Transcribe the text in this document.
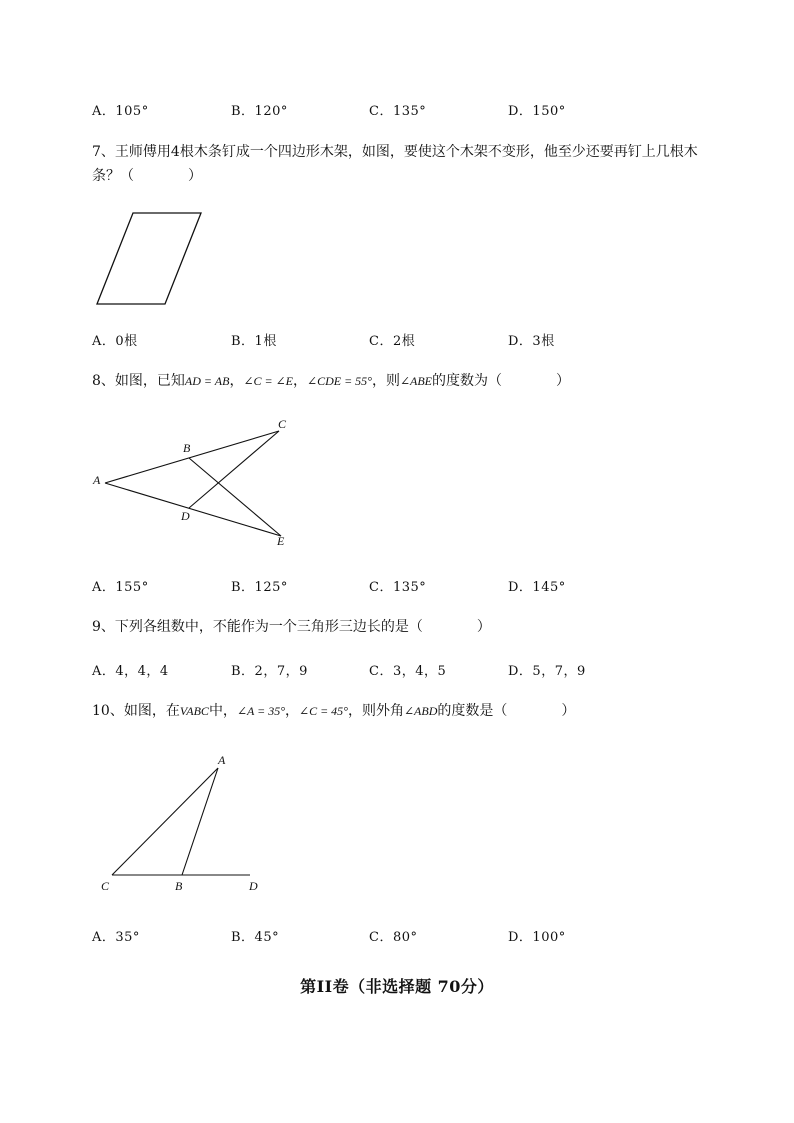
A．105°	B．120°	C．135°	D．150°
7、王师傅用4根木条钉成一个四边形木架，如图，要使这个木架不变形，他至少还要再钉上几根木
条？（	）
A．0根	B．1根	C．2根	D．3根
8、如图，已知AD = AB，∠C = ∠E，∠CDE = 55°，则∠ABE的度数为（	）
A
B
C
D
E
A．155°	B．125°	C．135°	D．145°
9、下列各组数中，不能作为一个三角形三边长的是（	）
A．4，4，4	B．2，7，9	C．3，4，5	D．5，7，9
10、如图，在VABC中，∠A = 35°，∠C = 45°，则外角∠ABD的度数是（	）
A
B
C	D
A．35°	B．45°	C．80°	D．100°
第II卷（非选择题 70分）
